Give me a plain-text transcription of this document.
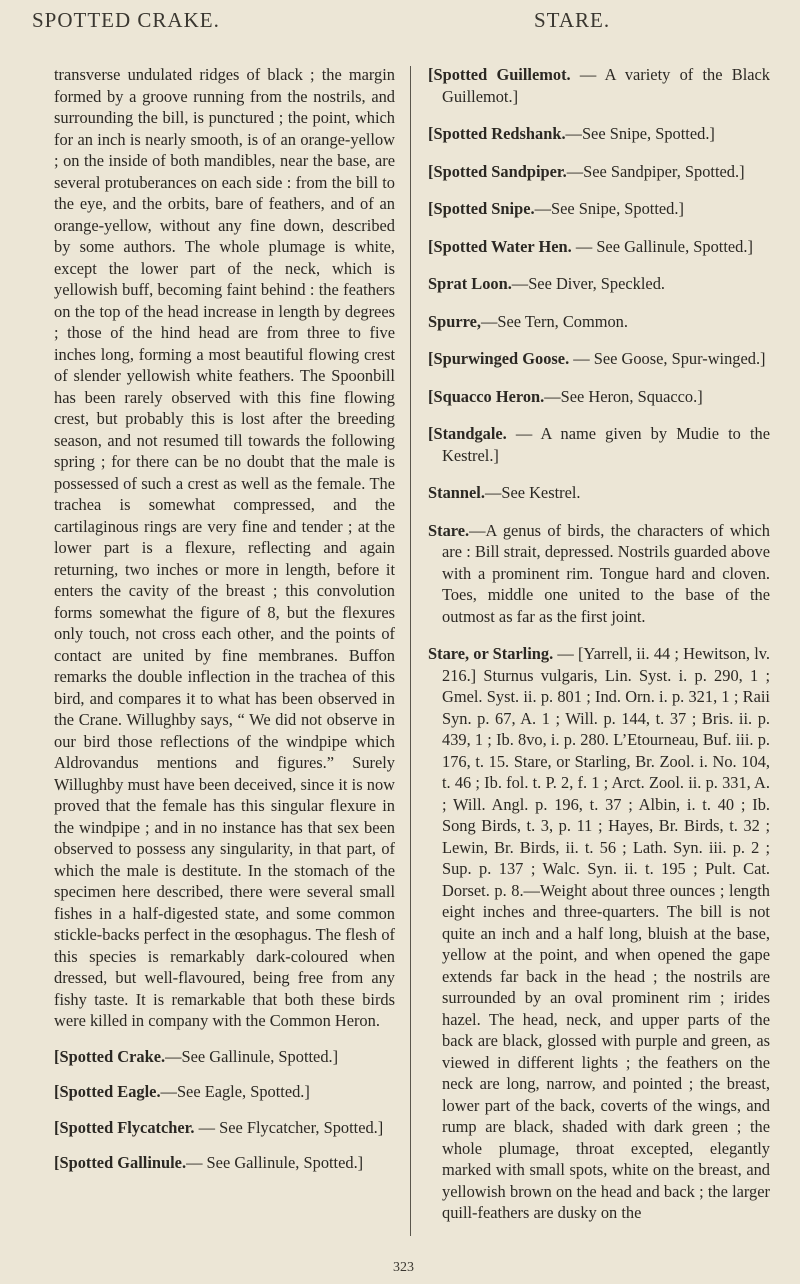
SPOTTED CRAKE.	STARE.

transverse undulated ridges of black ; the margin formed by a groove running from the nostrils, and surrounding the bill, is punctured ; the point, which for an inch is nearly smooth, is of an orange-yellow ; on the inside of both mandibles, near the base, are several protuberances on each side : from the bill to the eye, and the orbits, bare of feathers, and of an orange-yellow, without any fine down, described by some authors. The whole plumage is white, except the lower part of the neck, which is yellowish buff, becoming faint behind : the feathers on the top of the head increase in length by degrees ; those of the hind head are from three to five inches long, forming a most beautiful flowing crest of slender yellowish white feathers. The Spoonbill has been rarely observed with this fine flowing crest, but probably this is lost after the breeding season, and not resumed till towards the following spring ; for there can be no doubt that the male is possessed of such a crest as well as the female. The trachea is somewhat compressed, and the cartilaginous rings are very fine and tender ; at the lower part is a flexure, reflecting and again returning, two inches or more in length, before it enters the cavity of the breast ; this convolution forms somewhat the figure of 8, but the flexures only touch, not cross each other, and the points of contact are united by fine membranes. Buffon remarks the double inflection in the trachea of this bird, and compares it to what has been observed in the Crane. Willughby says, “ We did not observe in our bird those reflections of the windpipe which Aldrovandus mentions and figures.” Surely Willughby must have been deceived, since it is now proved that the female has this singular flexure in the windpipe ; and in no instance has that sex been observed to possess any singularity, in that part, of which the male is destitute. In the stomach of the specimen here described, there were several small fishes in a half-digested state, and some common stickle-backs perfect in the œsophagus. The flesh of this species is remarkably dark-coloured when dressed, but well-flavoured, being free from any fishy taste. It is remarkable that both these birds were killed in company with the Common Heron.

[Spotted Crake.—See Gallinule, Spotted.]

[Spotted Eagle.—See Eagle, Spotted.]

[Spotted Flycatcher. — See Flycatcher, Spotted.]

[Spotted Gallinule.— See Gallinule, Spotted.]

[Spotted Guillemot. — A variety of the Black Guillemot.]

[Spotted Redshank.—See Snipe, Spotted.]

[Spotted Sandpiper.—See Sandpiper, Spotted.]

[Spotted Snipe.—See Snipe, Spotted.]

[Spotted Water Hen. — See Gallinule, Spotted.]

Sprat Loon.—See Diver, Speckled.

Spurre,—See Tern, Common.

[Spurwinged Goose. — See Goose, Spur-winged.]

[Squacco Heron.—See Heron, Squacco.]

[Standgale. — A name given by Mudie to the Kestrel.]

Stannel.—See Kestrel.

Stare.—A genus of birds, the characters of which are : Bill strait, depressed. Nostrils guarded above with a prominent rim. Tongue hard and cloven. Toes, middle one united to the base of the outmost as far as the first joint.

Stare, or Starling. — [Yarrell, ii. 44 ; Hewitson, lv. 216.] Sturnus vulgaris, Lin. Syst. i. p. 290, 1 ; Gmel. Syst. ii. p. 801 ; Ind. Orn. i. p. 321, 1 ; Raii Syn. p. 67, A. 1 ; Will. p. 144, t. 37 ; Bris. ii. p. 439, 1 ; Ib. 8vo, i. p. 280. L’Etourneau, Buf. iii. p. 176, t. 15. Stare, or Starling, Br. Zool. i. No. 104, t. 46 ; Ib. fol. t. P. 2, f. 1 ; Arct. Zool. ii. p. 331, A. ; Will. Angl. p. 196, t. 37 ; Albin, i. t. 40 ; Ib. Song Birds, t. 3, p. 11 ; Hayes, Br. Birds, t. 32 ; Lewin, Br. Birds, ii. t. 56 ; Lath. Syn. iii. p. 2 ; Sup. p. 137 ; Walc. Syn. ii. t. 195 ; Pult. Cat. Dorset. p. 8.—Weight about three ounces ; length eight inches and three-quarters. The bill is not quite an inch and a half long, bluish at the base, yellow at the point, and when opened the gape extends far back in the head ; the nostrils are surrounded by an oval prominent rim ; irides hazel. The head, neck, and upper parts of the back are black, glossed with purple and green, as viewed in different lights ; the feathers on the neck are long, narrow, and pointed ; the breast, lower part of the back, coverts of the wings, and rump are black, shaded with dark green ; the whole plumage, throat excepted, elegantly marked with small spots, white on the breast, and yellowish brown on the head and back ; the larger quill-feathers are dusky on the

323
